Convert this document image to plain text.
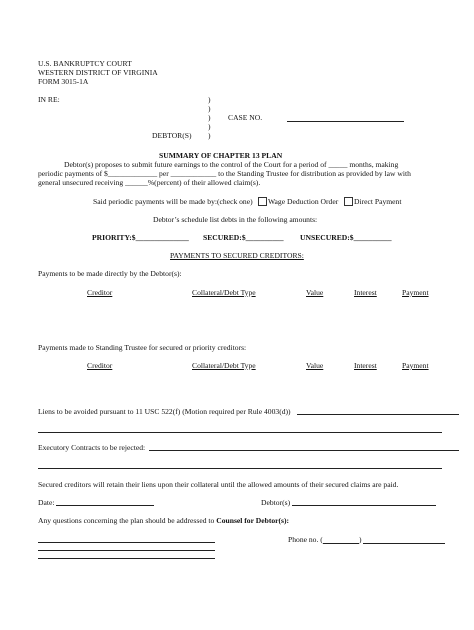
U.S. BANKRUPTCY COURT
WESTERN DISTRICT OF VIRGINIA
FORM 3015-1A
IN RE:	)
)
)
)
)
CASE NO.
DEBTOR(S)
SUMMARY OF CHAPTER 13 PLAN
Debtor(s) proposes to submit future earnings to the control of the Court for a period of _____ months, making
periodic payments of $_____________ per ____________ to the Standing Trustee for distribution as provided by law with
general unsecured receiving ______%(percent) of their allowed claim(s).
Said periodic payments will be made by:(check one) Wage Deduction Order Direct Payment
Debtor’s schedule list debts in the following amounts:
PRIORITY:$______________ SECURED:$__________ UNSECURED:$__________
PAYMENTS TO SECURED CREDITORS:
Payments to be made directly by the Debtor(s):
Creditor	Collateral/Debt Type	Value	Interest	Payment
Payments made to Standing Trustee for secured or priority creditors:
Creditor	Collateral/Debt Type	Value	Interest	Payment
Liens to be avoided pursuant to 11 USC 522(f) (Motion required per Rule 4003(d))
Executory Contracts to be rejected:
Secured creditors will retain their liens upon their collateral until the allowed amounts of their secured claims are paid.
Date:	Debtor(s)
Any questions concerning the plan should be addressed to Counsel for Debtor(s):
Phone no. (	)
